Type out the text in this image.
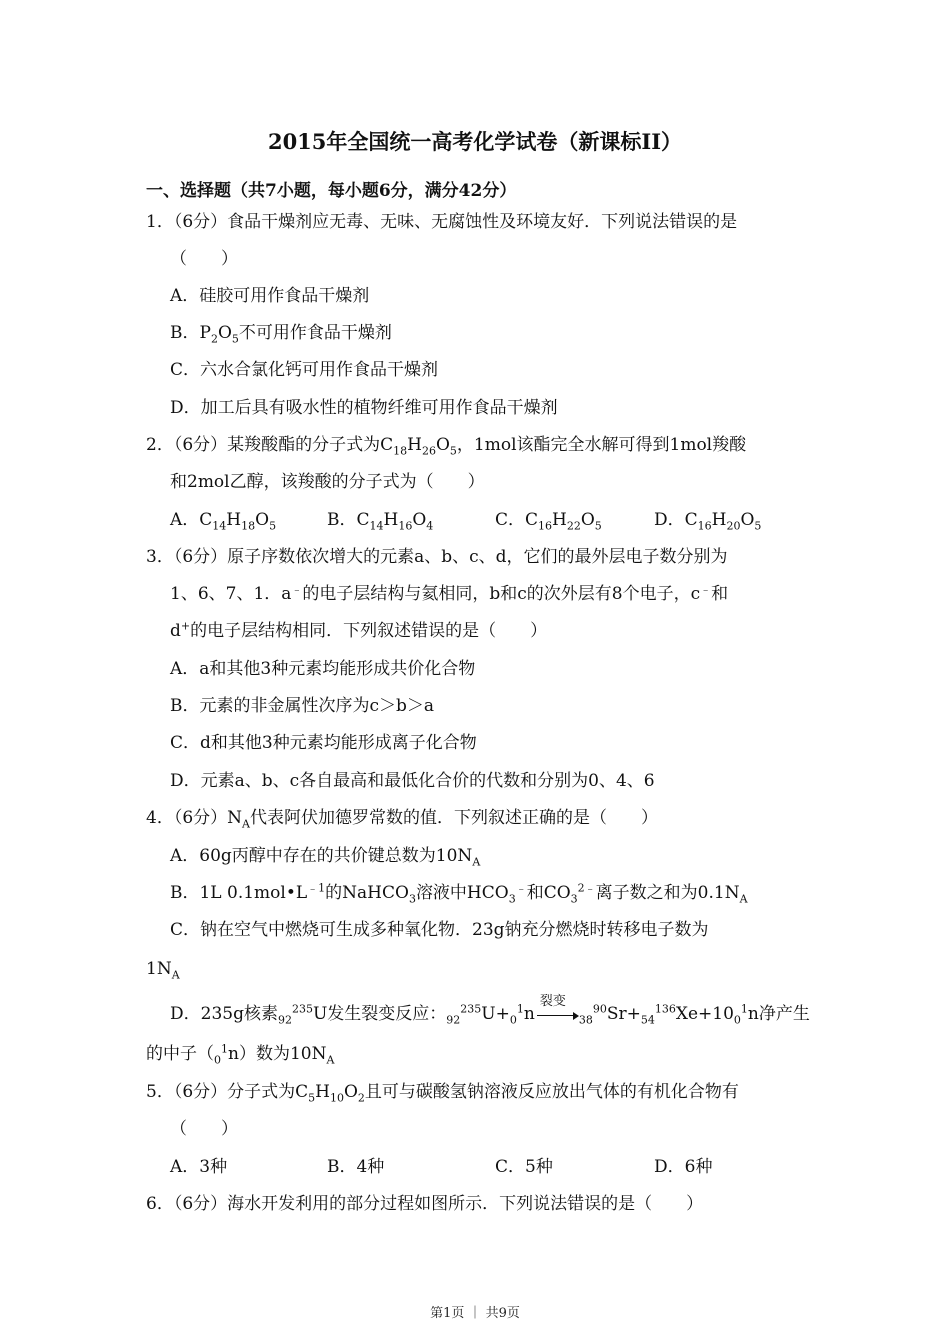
2015年全国统一高考化学试卷（新课标II）
一、选择题（共7小题，每小题6分，满分42分）
1．（6分）食品干燥剂应无毒、无味、无腐蚀性及环境友好．下列说法错误的是
（　　）
A．硅胶可用作食品干燥剂
B．$P_2O_5$不可用作食品干燥剂
C．六水合氯化钙可用作食品干燥剂
D．加工后具有吸水性的植物纤维可用作食品干燥剂
2．（6分）某羧酸酯的分子式为$C_{18}H_{26}O_5$，1mol该酯完全水解可得到1mol羧酸
和2mol乙醇，该羧酸的分子式为（　　）
A．$C_{14}H_{18}O_5$	B．$C_{14}H_{16}O_4$	C．$C_{16}H_{22}O_5$	D．$C_{16}H_{20}O_5$
3．（6分）原子序数依次增大的元素a、b、c、d，它们的最外层电子数分别为
1、6、7、1．a﹣的电子层结构与氦相同，b和c的次外层有8个电子，c﹣和
d+的电子层结构相同．下列叙述错误的是（　　）
A．a和其他3种元素均能形成共价化合物
B．元素的非金属性次序为c＞b＞a
C．d和其他3种元素均能形成离子化合物
D．元素a、b、c各自最高和最低化合价的代数和分别为0、4、6
4．（6分）$N_A$代表阿伏加德罗常数的值．下列叙述正确的是（　　）
A．60g丙醇中存在的共价键总数为$10N_A$
B．1L $0.1mol•L^{﹣1}$的NaHCO$_3$溶液中$HCO_3^﹣$和$CO_3^{2﹣}$离子数之和为$0.1N_A$
C．钠在空气中燃烧可生成多种氧化物．23g钠充分燃烧时转移电子数为
$1N_A$
D．235g核素$_{92}^{235}$U发生裂变反应：$_{92}^{235}U+_0^1n$
裂变
$_{38}^{90}Sr+_{54}^{136}Xe+10_0^1n$净产生
的中子$(_0^1n)$数为$10N_A$
5．（6分）分子式为$C_5H_{10}O_2$且可与碳酸氢钠溶液反应放出气体的有机化合物有
（　　）
A．3种	B．4种	C．5种	D．6种
6．（6分）海水开发利用的部分过程如图所示．下列说法错误的是（　　）
第1页 ｜ 共9页
